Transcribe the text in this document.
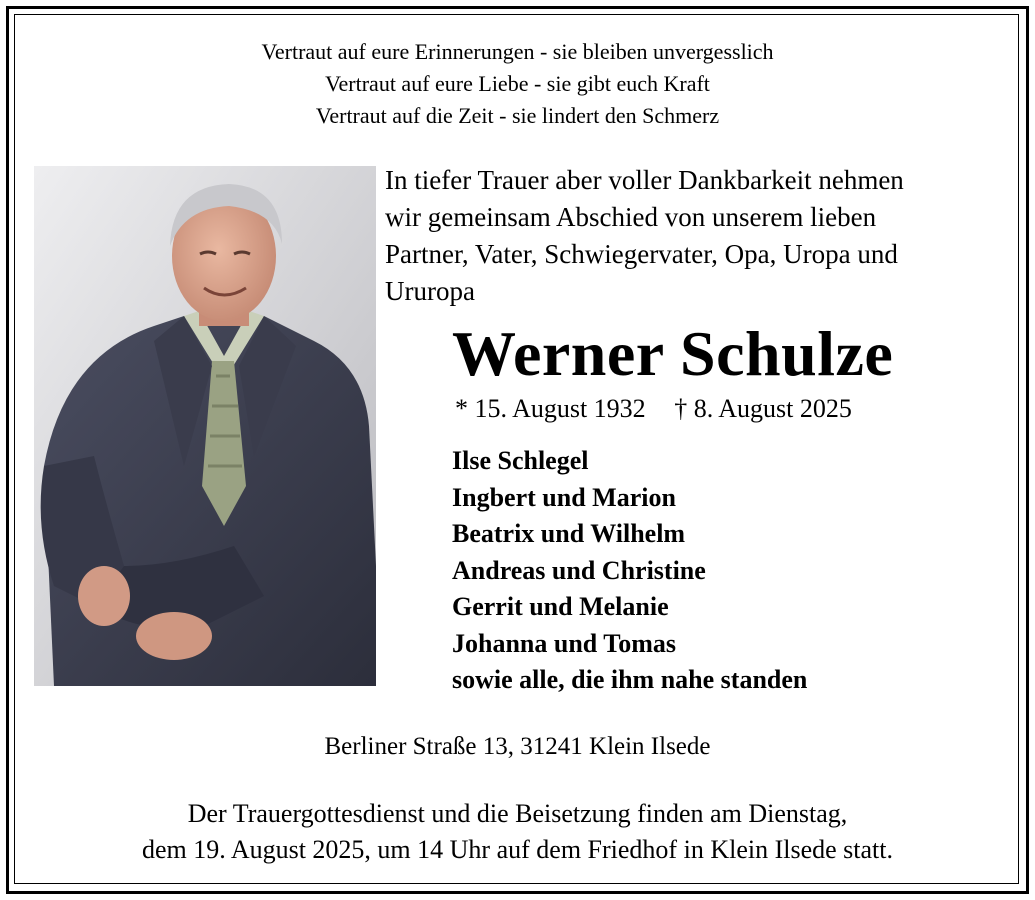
Vertraut auf eure Erinnerungen - sie bleiben unvergesslich
Vertraut auf eure Liebe - sie gibt euch Kraft
Vertraut auf die Zeit - sie lindert den Schmerz
In tiefer Trauer aber voller Dankbarkeit nehmen
wir gemeinsam Abschied von unserem lieben
Partner, Vater, Schwiegervater, Opa, Uropa und
Ururopa
Werner Schulze
* 15. August 1932 † 8. August 2025
Ilse Schlegel
Ingbert und Marion
Beatrix und Wilhelm
Andreas und Christine
Gerrit und Melanie
Johanna und Tomas
sowie alle, die ihm nahe standen
Berliner Straße 13, 31241 Klein Ilsede
Der Trauergottesdienst und die Beisetzung finden am Dienstag,
dem 19. August 2025, um 14 Uhr auf dem Friedhof in Klein Ilsede statt.
